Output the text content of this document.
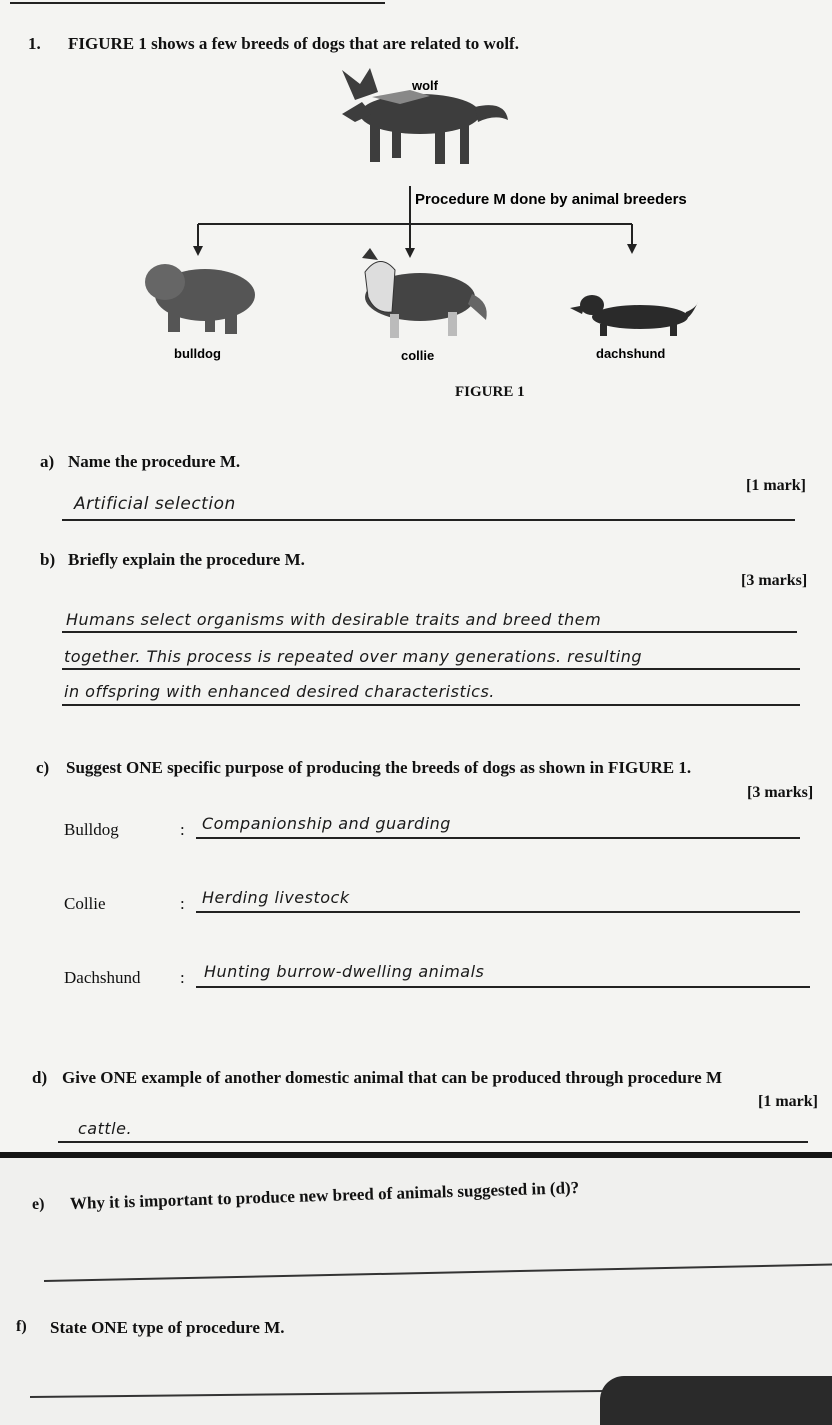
1. FIGURE 1 shows a few breeds of dogs that are related to wolf.
wolf
Procedure M done by animal breeders
bulldog	collie	dachshund
FIGURE 1
a) Name the procedure M.
[1 mark]
Artificial selection
b) Briefly explain the procedure M.
[3 marks]
Humans select organisms with desirable traits and breed them
together. This process is repeated over many generations. resulting
in offspring with enhanced desired characteristics.
c) Suggest ONE specific purpose of producing the breeds of dogs as shown in FIGURE 1.
[3 marks]
Bulldog	: Companionship and guarding
Collie	: Herding livestock
Dachshund : Hunting burrow-dwelling animals
d) Give ONE example of another domestic animal that can be produced through procedure M
[1 mark]
cattle.
e) Why it is important to produce new breed of animals suggested in (d)?
f) State ONE type of procedure M.
